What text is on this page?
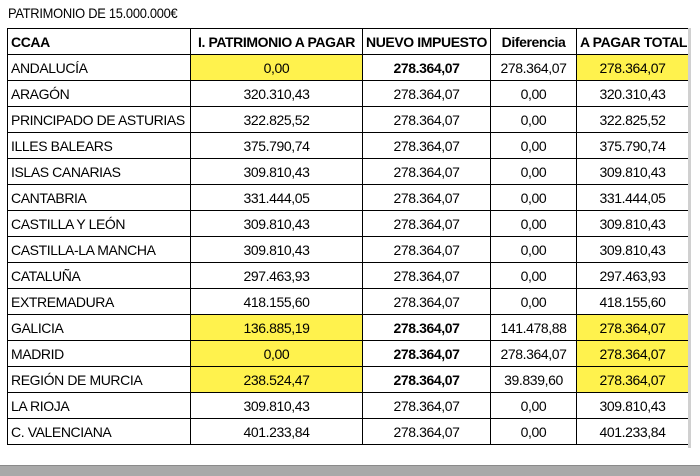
PATRIMONIO DE 15.000.000€
CCAA	I. PATRIMONIO A PAGAR	NUEVO IMPUESTO	Diferencia	A PAGAR TOTAL
ANDALUCÍA	0,00	278.364,07	278.364,07	278.364,07
ARAGÓN	320.310,43	278.364,07	0,00	320.310,43
PRINCIPADO DE ASTURIAS	322.825,52	278.364,07	0,00	322.825,52
ILLES BALEARS	375.790,74	278.364,07	0,00	375.790,74
ISLAS CANARIAS	309.810,43	278.364,07	0,00	309.810,43
CANTABRIA	331.444,05	278.364,07	0,00	331.444,05
CASTILLA Y LEÓN	309.810,43	278.364,07	0,00	309.810,43
CASTILLA-LA MANCHA	309.810,43	278.364,07	0,00	309.810,43
CATALUÑA	297.463,93	278.364,07	0,00	297.463,93
EXTREMADURA	418.155,60	278.364,07	0,00	418.155,60
GALICIA	136.885,19	278.364,07	141.478,88	278.364,07
MADRID	0,00	278.364,07	278.364,07	278.364,07
REGIÓN DE MURCIA	238.524,47	278.364,07	39.839,60	278.364,07
LA RIOJA	309.810,43	278.364,07	0,00	309.810,43
C. VALENCIANA	401.233,84	278.364,07	0,00	401.233,84
